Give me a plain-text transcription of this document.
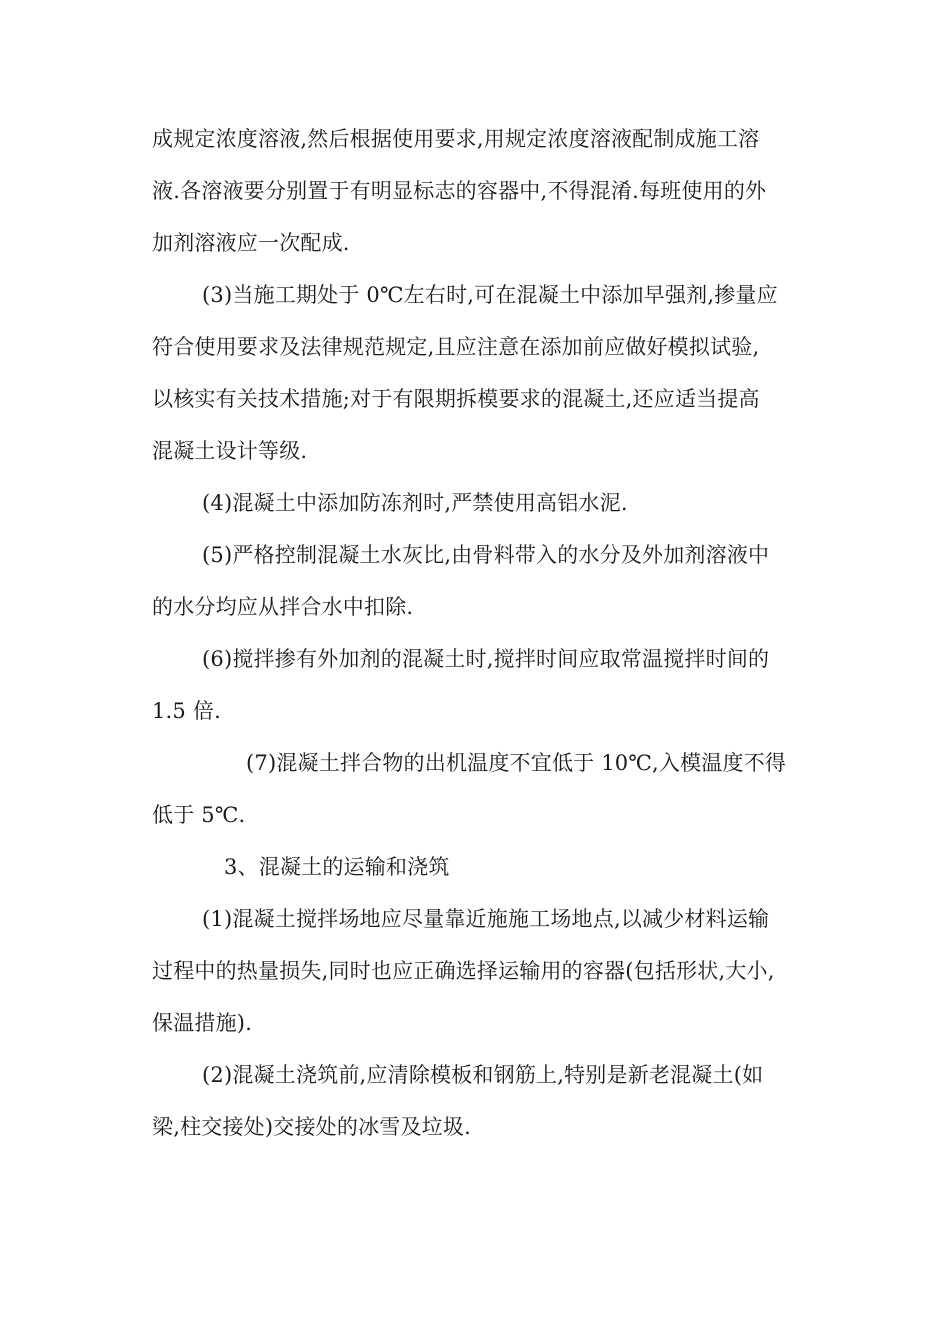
成规定浓度溶液,然后根据使用要求,用规定浓度溶液配制成施工溶
液.各溶液要分别置于有明显标志的容器中,不得混淆.每班使用的外
加剂溶液应一次配成.
(3)当施工期处于 0℃左右时,可在混凝土中添加早强剂,掺量应
符合使用要求及法律规范规定,且应注意在添加前应做好模拟试验,
以核实有关技术措施;对于有限期拆模要求的混凝土,还应适当提高
混凝土设计等级.
(4)混凝土中添加防冻剂时,严禁使用高铝水泥.
(5)严格控制混凝土水灰比,由骨料带入的水分及外加剂溶液中
的水分均应从拌合水中扣除.
(6)搅拌掺有外加剂的混凝土时,搅拌时间应取常温搅拌时间的
1.5 倍.
(7)混凝土拌合物的出机温度不宜低于 10℃,入模温度不得
低于 5℃.
3、混凝土的运输和浇筑
(1)混凝土搅拌场地应尽量靠近施施工场地点,以减少材料运输
过程中的热量损失,同时也应正确选择运输用的容器(包括形状,大小,
保温措施).
(2)混凝土浇筑前,应清除模板和钢筋上,特别是新老混凝土(如
梁,柱交接处)交接处的冰雪及垃圾.
